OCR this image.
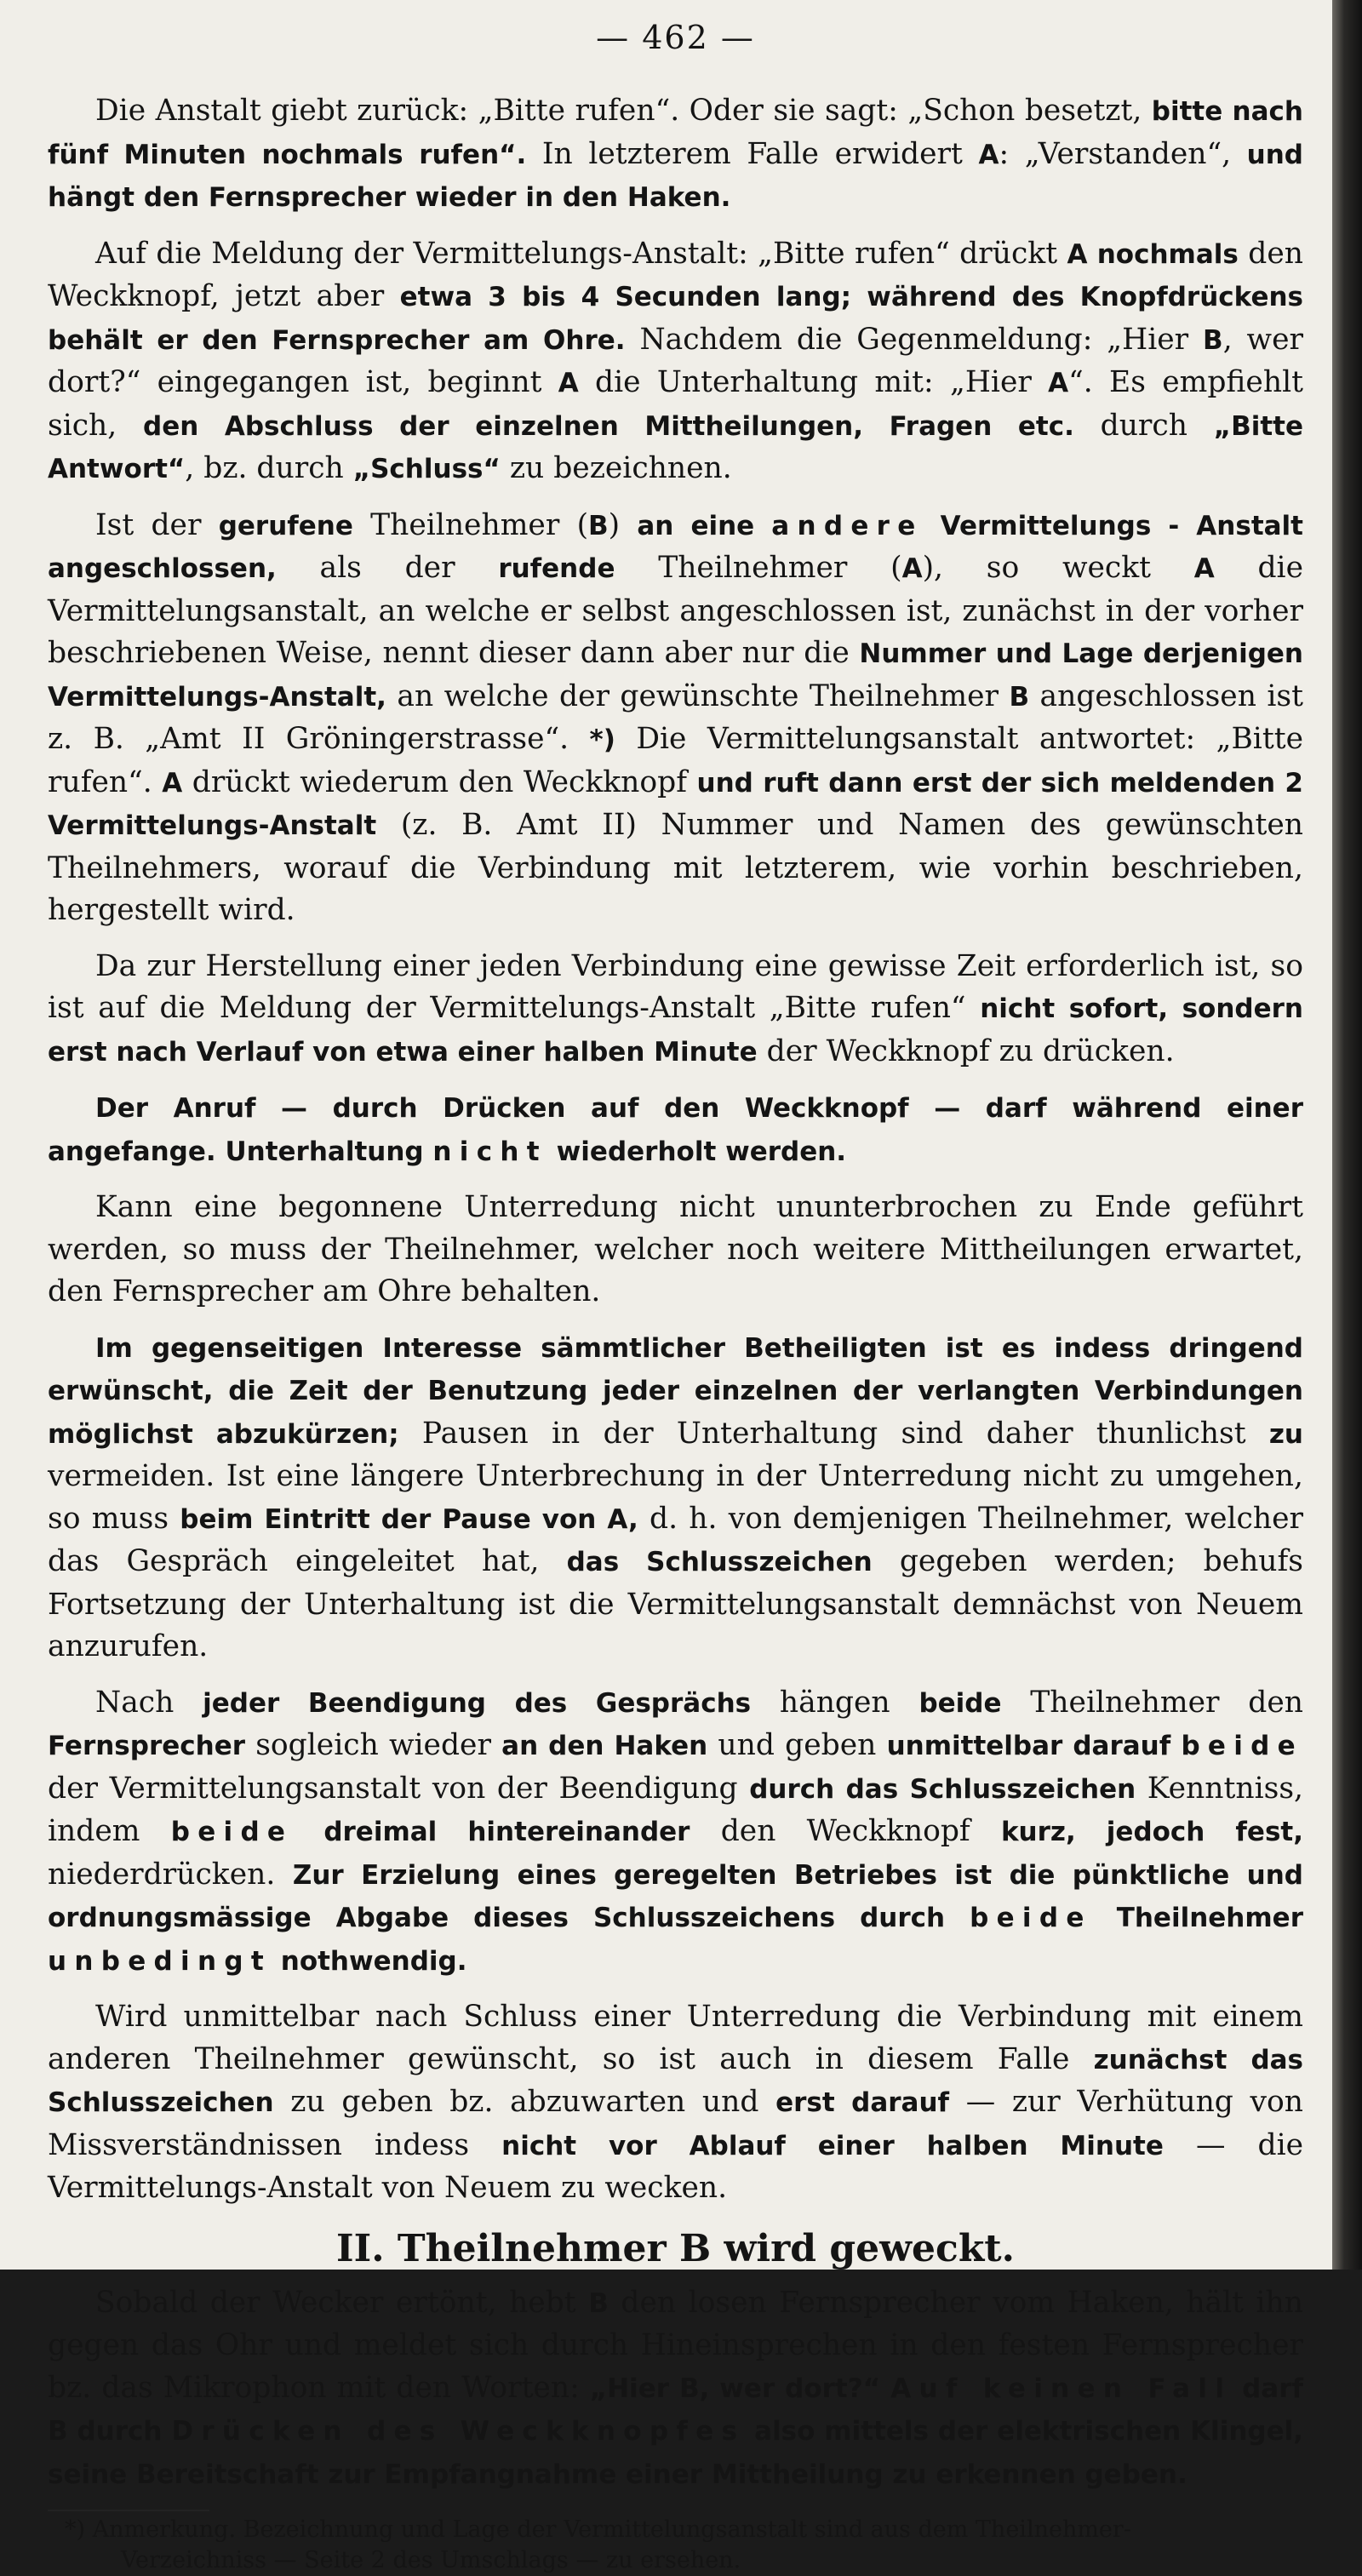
— 462 —

Die Anstalt giebt zurück: „Bitte rufen“. Oder sie sagt: „Schon besetzt, bitte nach fünf Minuten nochmals rufen“. In letzterem Falle erwidert A: „Verstanden“, und hängt den Fernsprecher wieder in den Haken.

Auf die Meldung der Vermittelungs-Anstalt: „Bitte rufen“ drückt A nochmals den Weckknopf, jetzt aber etwa 3 bis 4 Secunden lang; während des Knopfdrückens behält er den Fernsprecher am Ohre. Nachdem die Gegenmeldung: „Hier B, wer dort?“ eingegangen ist, beginnt A die Unterhaltung mit: „Hier A“. Es empfiehlt sich, den Abschluss der einzelnen Mittheilungen, Fragen etc. durch „Bitte Antwort“, bz. durch „Schluss“ zu bezeichnen.

Ist der gerufene Theilnehmer (B) an eine andere Vermittelungs - Anstalt angeschlossen, als der rufende Theilnehmer (A), so weckt A die Vermittelungsanstalt, an welche er selbst angeschlossen ist, zunächst in der vorher beschriebenen Weise, nennt dieser dann aber nur die Nummer und Lage derjenigen Vermittelungs-Anstalt, an welche der gewünschte Theilnehmer B angeschlossen ist z. B. „Amt II Gröningerstrasse“. *) Die Vermittelungsanstalt antwortet: „Bitte rufen“. A drückt wiederum den Weckknopf und ruft dann erst der sich meldenden 2 Vermittelungs-Anstalt (z. B. Amt II) Nummer und Namen des gewünschten Theilnehmers, worauf die Verbindung mit letzterem, wie vorhin beschrieben, hergestellt wird.

Da zur Herstellung einer jeden Verbindung eine gewisse Zeit erforderlich ist, so ist auf die Meldung der Vermittelungs-Anstalt „Bitte rufen“ nicht sofort, sondern erst nach Verlauf von etwa einer halben Minute der Weckknopf zu drücken.

Der Anruf — durch Drücken auf den Weckknopf — darf während einer angefange. Unterhaltung nicht wiederholt werden.

Kann eine begonnene Unterredung nicht ununterbrochen zu Ende geführt werden, so muss der Theilnehmer, welcher noch weitere Mittheilungen erwartet, den Fernsprecher am Ohre behalten.

Im gegenseitigen Interesse sämmtlicher Betheiligten ist es indess dringend erwünscht, die Zeit der Benutzung jeder einzelnen der verlangten Verbindungen möglichst abzukürzen; Pausen in der Unterhaltung sind daher thunlichst zu vermeiden. Ist eine längere Unterbrechung in der Unterredung nicht zu umgehen, so muss beim Eintritt der Pause von A, d. h. von demjenigen Theilnehmer, welcher das Gespräch eingeleitet hat, das Schlusszeichen gegeben werden; behufs Fortsetzung der Unterhaltung ist die Vermittelungsanstalt demnächst von Neuem anzurufen.

Nach jeder Beendigung des Gesprächs hängen beide Theilnehmer den Fernsprecher sogleich wieder an den Haken und geben unmittelbar darauf beide der Vermittelungsanstalt von der Beendigung durch das Schlusszeichen Kenntniss, indem beide dreimal hintereinander den Weckknopf kurz, jedoch fest, niederdrücken. Zur Erzielung eines geregelten Betriebes ist die pünktliche und ordnungsmässige Abgabe dieses Schlusszeichens durch beide Theilnehmer unbedingt nothwendig.

Wird unmittelbar nach Schluss einer Unterredung die Verbindung mit einem anderen Theilnehmer gewünscht, so ist auch in diesem Falle zunächst das Schlusszeichen zu geben bz. abzuwarten und erst darauf — zur Verhütung von Missverständnissen indess nicht vor Ablauf einer halben Minute — die Vermittelungs-Anstalt von Neuem zu wecken.

II. Theilnehmer B wird geweckt.

Sobald der Wecker ertönt, hebt B den losen Fernsprecher vom Haken, hält ihn gegen das Ohr und meldet sich durch Hineinsprechen in den festen Fernsprecher bz. das Mikrophon mit den Worten: „Hier B, wer dort?“ Auf keinen Fall darf B durch Drücken des Weckknopfes also mittels der elektrischen Klingel, seine Bereitschaft zur Empfangnahme einer Mittheilung zu erkennen geben.

*) Anmerkung. Bezeichnung und Lage der Vermittelungsanstalt sind aus dem Theilnehmer-
Verzeichniss — Seite 2 des Umschlags — zu ersehen.
